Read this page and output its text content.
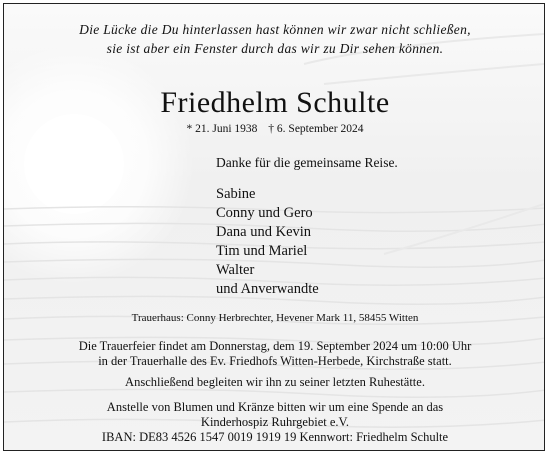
Die Lücke die Du hinterlassen hast können wir zwar nicht schließen,
sie ist aber ein Fenster durch das wir zu Dir sehen können.
Friedhelm Schulte
* 21. Juni 1938 † 6. September 2024
Danke für die gemeinsame Reise.
Sabine
Conny und Gero
Dana und Kevin
Tim und Mariel
Walter
und Anverwandte
Trauerhaus: Conny Herbrechter, Hevener Mark 11, 58455 Witten
Die Trauerfeier findet am Donnerstag, dem 19. September 2024 um 10:00 Uhr
in der Trauerhalle des Ev. Friedhofs Witten-Herbede, Kirchstraße statt.
Anschließend begleiten wir ihn zu seiner letzten Ruhestätte.
Anstelle von Blumen und Kränze bitten wir um eine Spende an das
Kinderhospiz Ruhrgebiet e.V.
IBAN: DE83 4526 1547 0019 1919 19 Kennwort: Friedhelm Schulte
